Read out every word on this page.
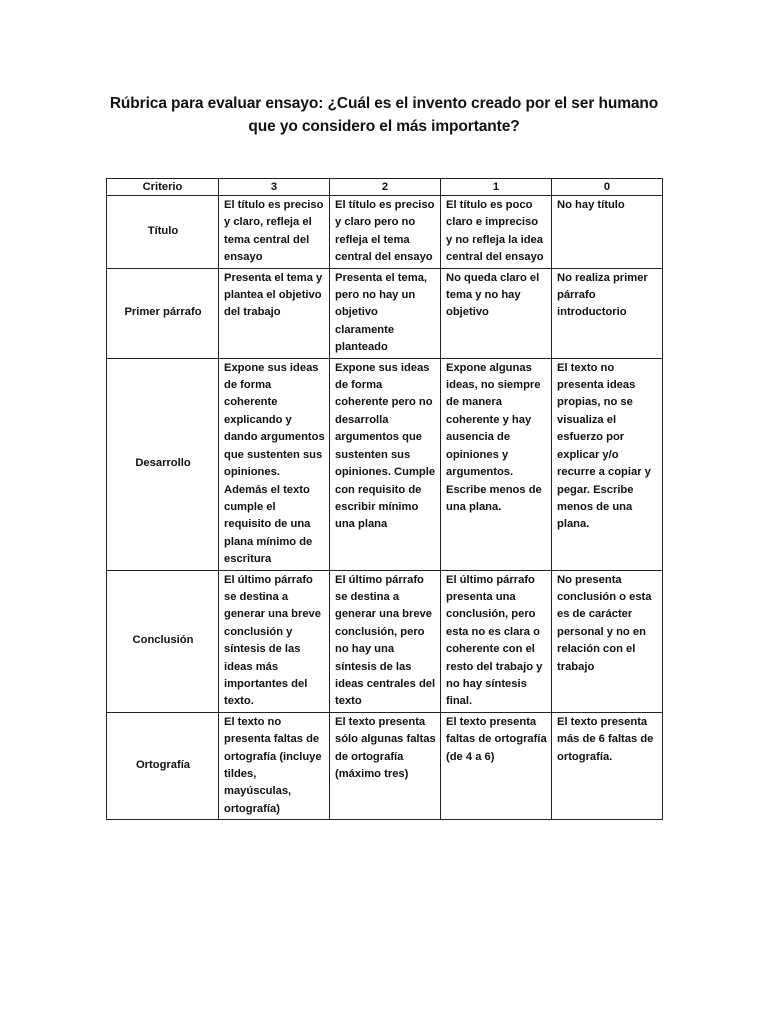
Rúbrica para evaluar ensayo: ¿Cuál es el invento creado por el ser humano
que yo considero el más importante?
Criterio	3	2	1	0
Título	El título es preciso y claro, refleja el tema central del ensayo	El título es preciso y claro pero no refleja el tema central del ensayo	El título es poco claro e impreciso y no refleja la idea central del ensayo	No hay título
Primer párrafo	Presenta el tema y plantea el objetivo del trabajo	Presenta el tema, pero no hay un objetivo claramente planteado	No queda claro el tema y no hay objetivo	No realiza primer párrafo introductorio
Desarrollo	Expone sus ideas de forma coherente explicando y dando argumentos que sustenten sus opiniones. Además el texto cumple el requisito de una plana mínimo de escritura	Expone sus ideas de forma coherente pero no desarrolla argumentos que sustenten sus opiniones. Cumple con requisito de escribir mínimo una plana	Expone algunas ideas, no siempre de manera coherente y hay ausencia de opiniones y argumentos. Escribe menos de una plana.	El texto no presenta ideas propias, no se visualiza el esfuerzo por explicar y/o recurre a copiar y pegar. Escribe menos de una plana.
Conclusión	El último párrafo se destina a generar una breve conclusión y síntesis de las ideas más importantes del texto.	El último párrafo se destina a generar una breve conclusión, pero no hay una síntesis de las ideas centrales del texto	El último párrafo presenta una conclusión, pero esta no es clara o coherente con el resto del trabajo y no hay síntesis final.	No presenta conclusión o esta es de carácter personal y no en relación con el trabajo
Ortografía	El texto no presenta faltas de ortografía (incluye tildes, mayúsculas, ortografía)	El texto presenta sólo algunas faltas de ortografía (máximo tres)	El texto presenta faltas de ortografía (de 4 a 6)	El texto presenta más de 6 faltas de ortografía.
